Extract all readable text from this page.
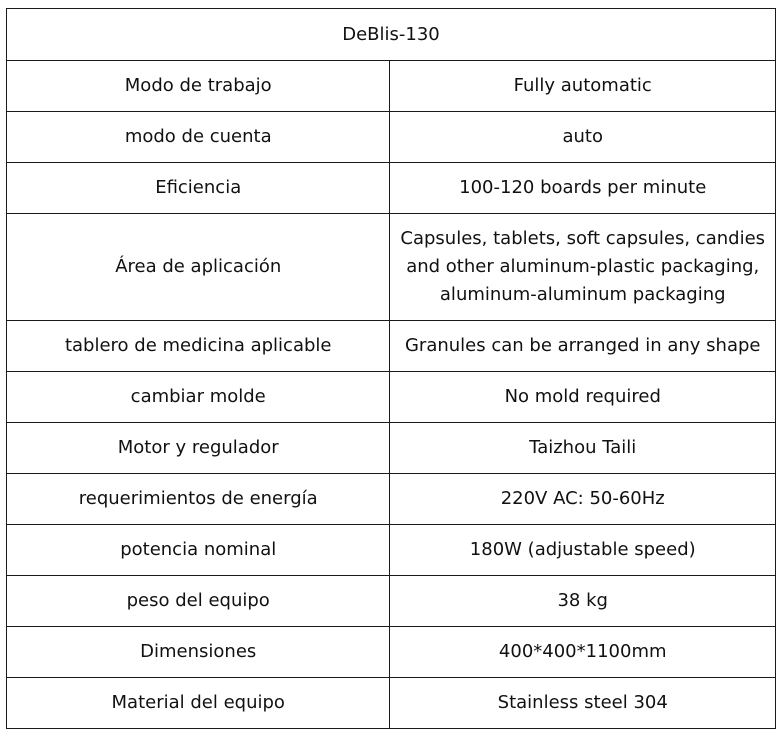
DeBlis-130	
Modo de trabajo	Fully automatic
modo de cuenta	auto
Eficiencia	100-120 boards per minute
Área de aplicación	Capsules, tablets, soft capsules, candies and other aluminum-plastic packaging, aluminum-aluminum packaging
tablero de medicina aplicable	Granules can be arranged in any shape
cambiar molde	No mold required
Motor y regulador	Taizhou Taili
requerimientos de energía	220V AC: 50-60Hz
potencia nominal	180W (adjustable speed)
peso del equipo	38 kg
Dimensiones	400*400*1100mm
Material del equipo	Stainless steel 304
